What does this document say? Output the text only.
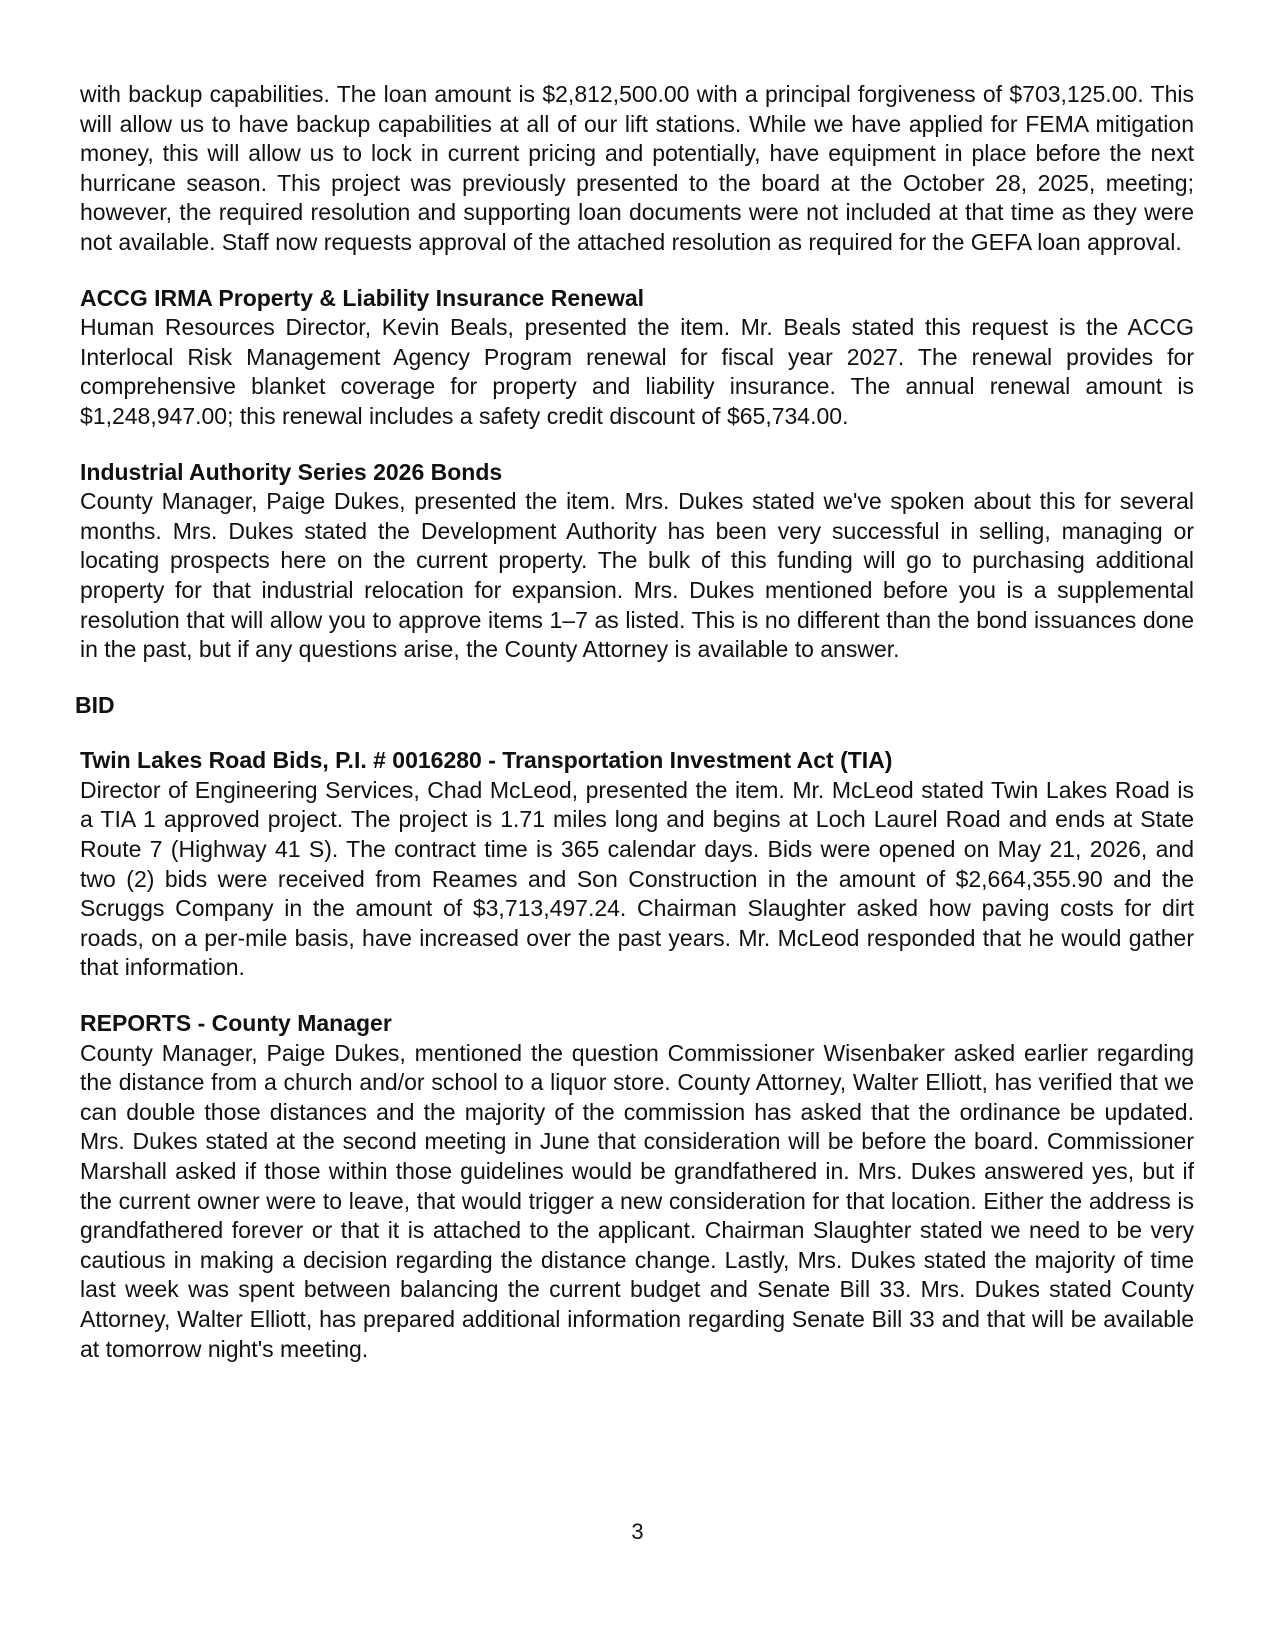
with backup capabilities. The loan amount is $2,812,500.00 with a principal forgiveness of $703,125.00. This will allow us to have backup capabilities at all of our lift stations. While we have applied for FEMA mitigation money, this will allow us to lock in current pricing and potentially, have equipment in place before the next hurricane season. This project was previously presented to the board at the October 28, 2025, meeting; however, the required resolution and supporting loan documents were not included at that time as they were not available. Staff now requests approval of the attached resolution as required for the GEFA loan approval.

ACCG IRMA Property & Liability Insurance Renewal

Human Resources Director, Kevin Beals, presented the item. Mr. Beals stated this request is the ACCG Interlocal Risk Management Agency Program renewal for fiscal year 2027. The renewal provides for comprehensive blanket coverage for property and liability insurance. The annual renewal amount is $1,248,947.00; this renewal includes a safety credit discount of $65,734.00.

Industrial Authority Series 2026 Bonds

County Manager, Paige Dukes, presented the item. Mrs. Dukes stated we've spoken about this for several months. Mrs. Dukes stated the Development Authority has been very successful in selling, managing or locating prospects here on the current property. The bulk of this funding will go to purchasing additional property for that industrial relocation for expansion. Mrs. Dukes mentioned before you is a supplemental resolution that will allow you to approve items 1–7 as listed. This is no different than the bond issuances done in the past, but if any questions arise, the County Attorney is available to answer.

BID
Twin Lakes Road Bids, P.I. # 0016280 - Transportation Investment Act (TIA)

Director of Engineering Services, Chad McLeod, presented the item. Mr. McLeod stated Twin Lakes Road is a TIA 1 approved project. The project is 1.71 miles long and begins at Loch Laurel Road and ends at State Route 7 (Highway 41 S). The contract time is 365 calendar days. Bids were opened on May 21, 2026, and two (2) bids were received from Reames and Son Construction in the amount of $2,664,355.90 and the Scruggs Company in the amount of $3,713,497.24. Chairman Slaughter asked how paving costs for dirt roads, on a per-mile basis, have increased over the past years. Mr. McLeod responded that he would gather that information.

REPORTS - County Manager

County Manager, Paige Dukes, mentioned the question Commissioner Wisenbaker asked earlier regarding the distance from a church and/or school to a liquor store. County Attorney, Walter Elliott, has verified that we can double those distances and the majority of the commission has asked that the ordinance be updated. Mrs. Dukes stated at the second meeting in June that consideration will be before the board. Commissioner Marshall asked if those within those guidelines would be grandfathered in. Mrs. Dukes answered yes, but if the current owner were to leave, that would trigger a new consideration for that location. Either the address is grandfathered forever or that it is attached to the applicant. Chairman Slaughter stated we need to be very cautious in making a decision regarding the distance change. Lastly, Mrs. Dukes stated the majority of time last week was spent between balancing the current budget and Senate Bill 33. Mrs. Dukes stated County Attorney, Walter Elliott, has prepared additional information regarding Senate Bill 33 and that will be available at tomorrow night's meeting.

3
